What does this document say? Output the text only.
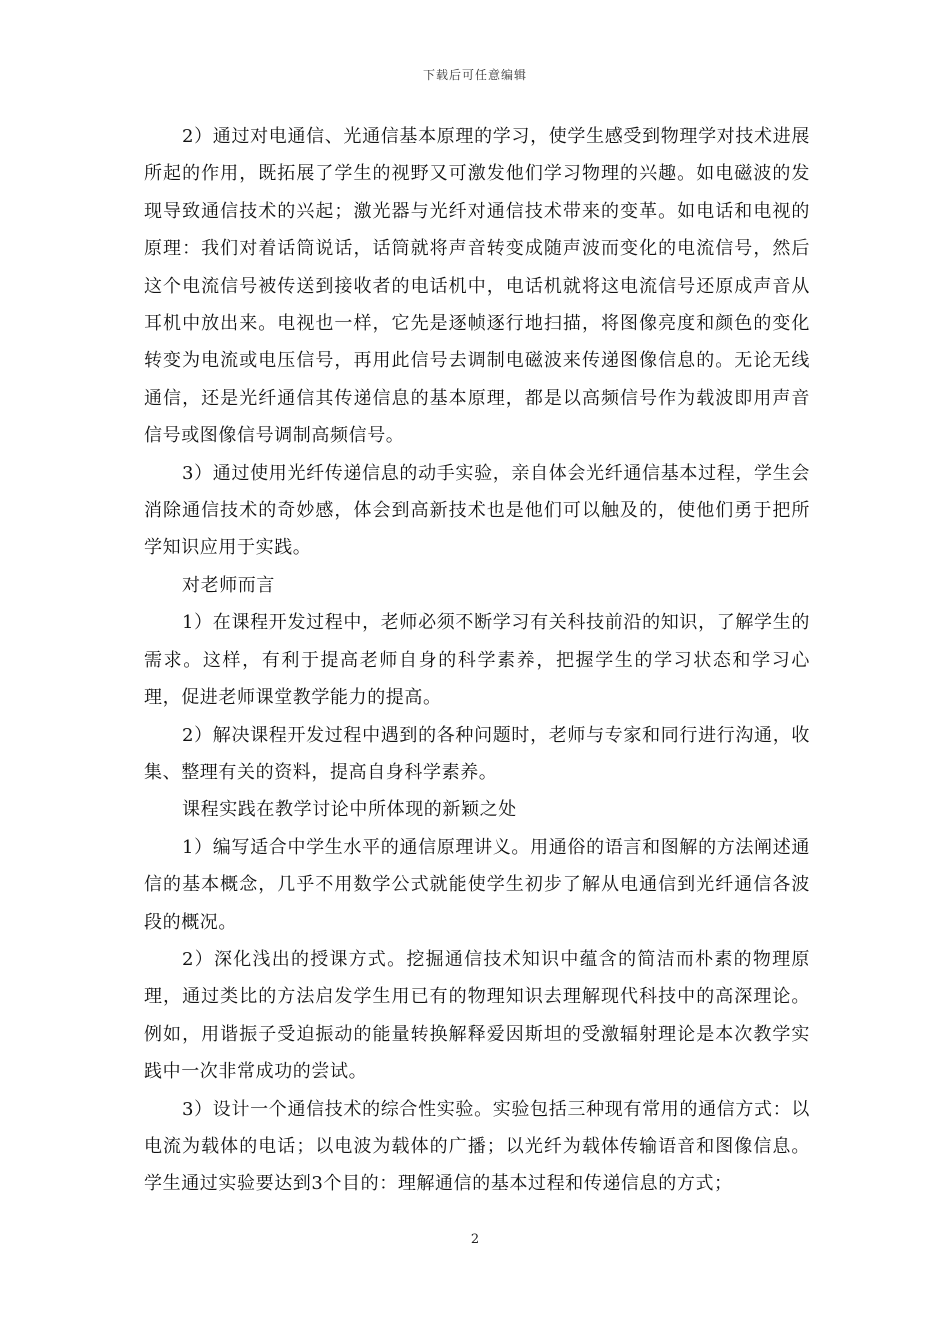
下载后可任意编辑

2）通过对电通信、光通信基本原理的学习，使学生感受到物理学对技术进展所起的作用，既拓展了学生的视野又可激发他们学习物理的兴趣。如电磁波的发现导致通信技术的兴起；激光器与光纤对通信技术带来的变革。如电话和电视的原理：我们对着话筒说话，话筒就将声音转变成随声波而变化的电流信号，然后这个电流信号被传送到接收者的电话机中，电话机就将这电流信号还原成声音从耳机中放出来。电视也一样，它先是逐帧逐行地扫描，将图像亮度和颜色的变化转变为电流或电压信号，再用此信号去调制电磁波来传递图像信息的。无论无线通信，还是光纤通信其传递信息的基本原理，都是以高频信号作为载波即用声音信号或图像信号调制高频信号。

3）通过使用光纤传递信息的动手实验，亲自体会光纤通信基本过程，学生会消除通信技术的奇妙感，体会到高新技术也是他们可以触及的，使他们勇于把所学知识应用于实践。

对老师而言

1）在课程开发过程中，老师必须不断学习有关科技前沿的知识，了解学生的需求。这样，有利于提高老师自身的科学素养，把握学生的学习状态和学习心理，促进老师课堂教学能力的提高。

2）解决课程开发过程中遇到的各种问题时，老师与专家和同行进行沟通，收集、整理有关的资料，提高自身科学素养。

课程实践在教学讨论中所体现的新颖之处

1）编写适合中学生水平的通信原理讲义。用通俗的语言和图解的方法阐述通信的基本概念，几乎不用数学公式就能使学生初步了解从电通信到光纤通信各波段的概况。

2）深化浅出的授课方式。挖掘通信技术知识中蕴含的简洁而朴素的物理原理，通过类比的方法启发学生用已有的物理知识去理解现代科技中的高深理论。例如，用谐振子受迫振动的能量转换解释爱因斯坦的受激辐射理论是本次教学实践中一次非常成功的尝试。

3）设计一个通信技术的综合性实验。实验包括三种现有常用的通信方式：以电流为载体的电话；以电波为载体的广播；以光纤为载体传输语音和图像信息。学生通过实验要达到3个目的：理解通信的基本过程和传递信息的方式；

2
